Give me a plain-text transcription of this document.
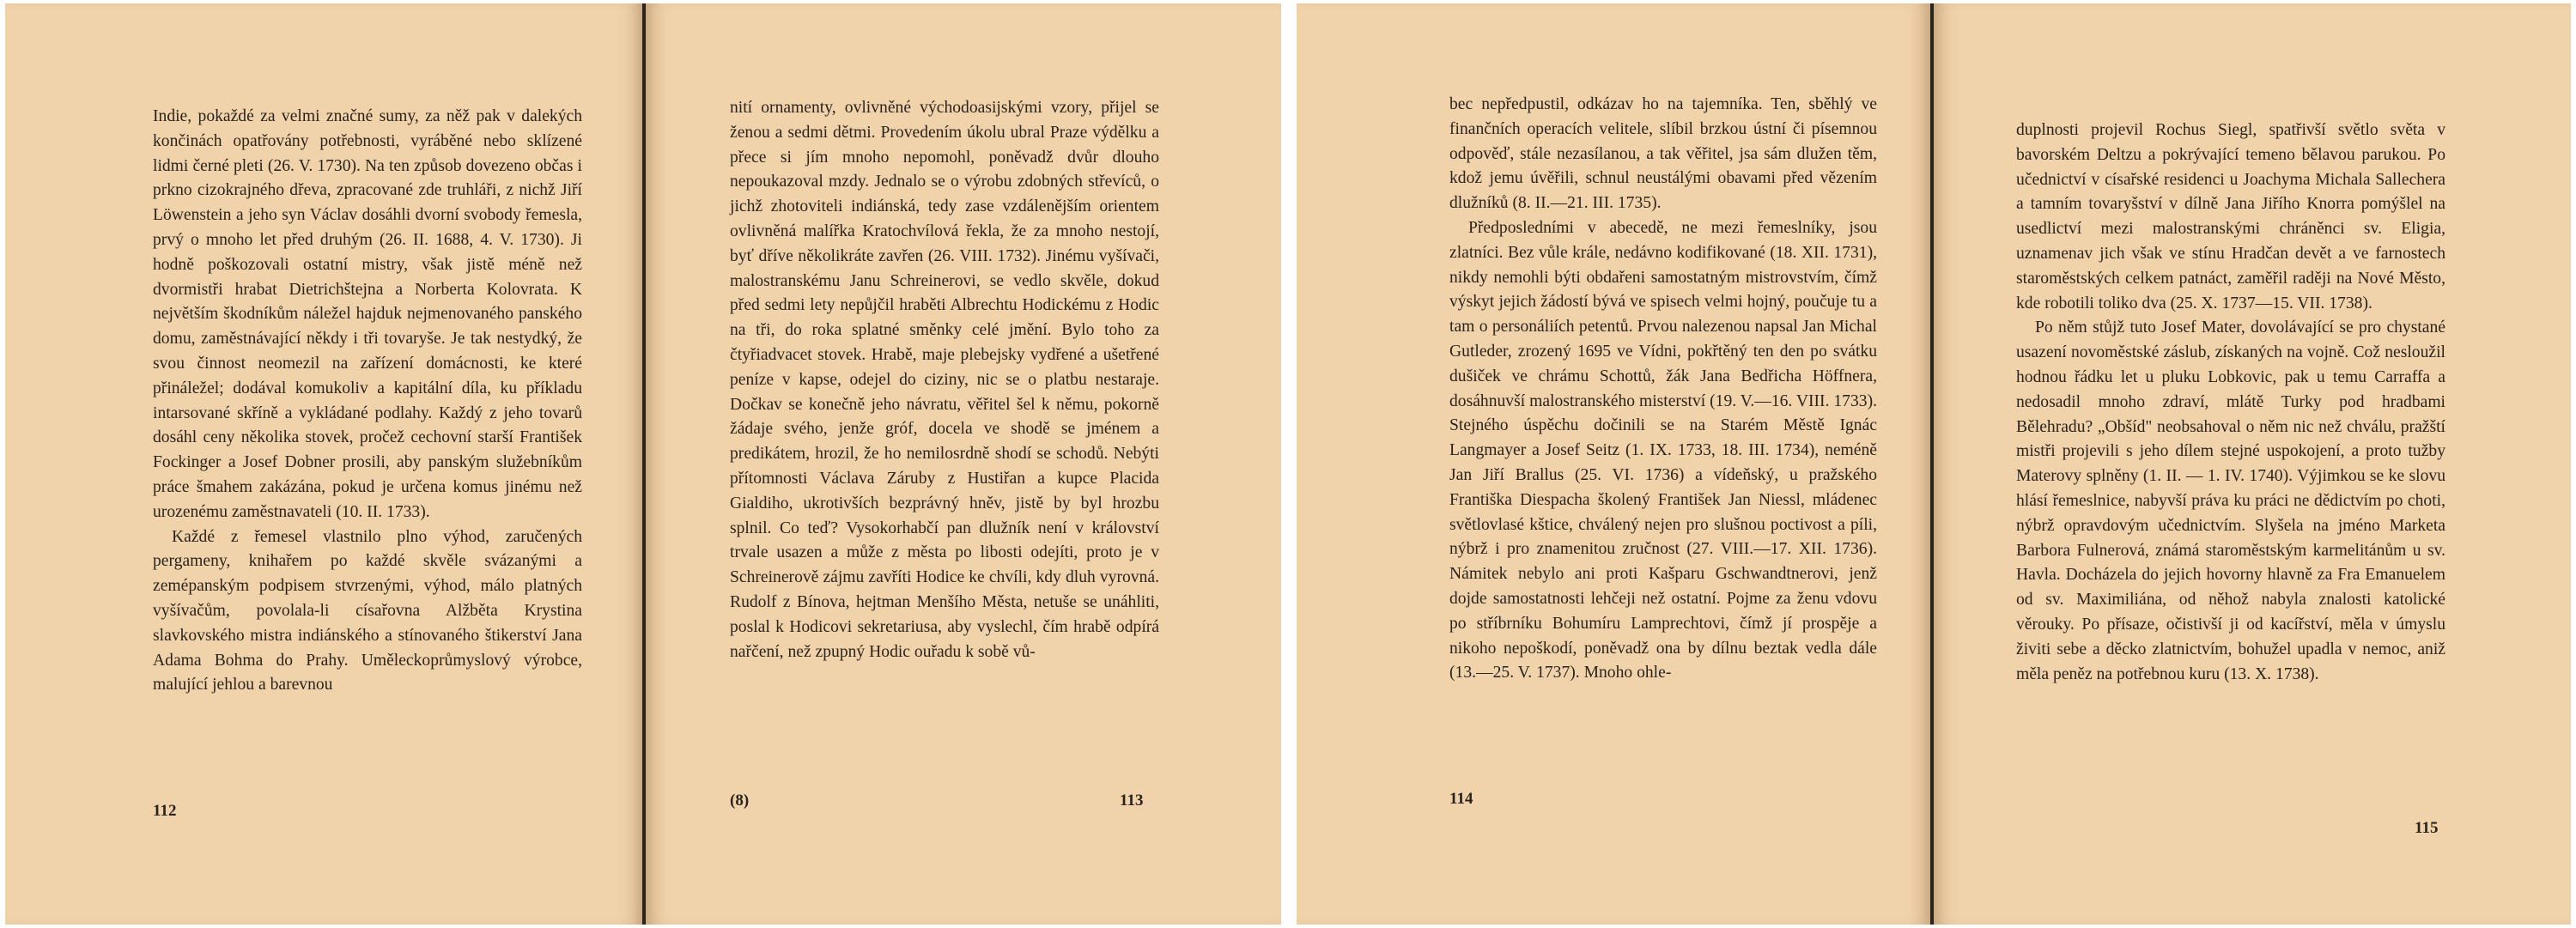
Indie, pokaždé za velmi značné sumy, za něž pak v dalekých končinách opatřovány potřebnosti, vyráběné nebo sklízené lidmi černé pleti (26. V. 1730). Na ten způsob dovezeno občas i prkno cizokrajného dřeva, zpracované zde truhláři, z nichž Jiří Löwenstein a jeho syn Václav dosáhli dvorní svobody řemesla, prvý o mnoho let před druhým (26. II. 1688, 4. V. 1730). Ji hodně poškozovali ostatní mistry, však jistě méně než dvormistři hrabat Dietrichštejna a Norberta Kolovrata. K největším škodníkům náležel hajduk nejmenovaného panského domu, zaměstnávající někdy i tři tovaryše. Je tak nestydký, že svou činnost neomezil na zařízení domácnosti, ke které přináležel; dodával komukoliv a kapitální díla, ku příkladu intarsované skříně a vykládané podlahy. Každý z jeho tovarů dosáhl ceny několika stovek, pročež cechovní starší František Fockinger a Josef Dobner prosili, aby panským služebníkům práce šmahem zakázána, pokud je určena komus jinému než urozenému zaměstnavateli (10. II. 1733).

Každé z řemesel vlastnilo plno výhod, zaručených pergameny, knihařem po každé skvěle svázanými a zemépanským podpisem stvrzenými, výhod, málo platných vyšívačům, povolala-li císařovna Alžběta Krystina slavkovského mistra indiánského a stínovaného štikerství Jana Adama Bohma do Prahy. Uměleckoprůmyslový výrobce, malující jehlou a barevnou

112

nití ornamenty, ovlivněné východoasijskými vzory, přijel se ženou a sedmi dětmi. Provedením úkolu ubral Praze výdělku a přece si jím mnoho nepomohl, poněvadž dvůr dlouho nepoukazoval mzdy. Jednalo se o výrobu zdobných střevíců, o jichž zhotoviteli indiánská, tedy zase vzdálenějším orientem ovlivněná malířka Kratochvílová řekla, že za mnoho nestojí, byť dříve několikráte zavřen (26. VIII. 1732). Jinému vyšívači, malostranskému Janu Schreinerovi, se vedlo skvěle, dokud před sedmi lety nepůjčil hraběti Albrechtu Hodickému z Hodic na tři, do roka splatné směnky celé jmění. Bylo toho za čtyřiadvacet stovek. Hrabě, maje plebejsky vydřené a ušetřené peníze v kapse, odejel do ciziny, nic se o platbu nestaraje. Dočkav se konečně jeho návratu, věřitel šel k němu, pokorně žádaje svého, jenže gróf, docela ve shodě se jménem a predikátem, hrozil, že ho nemilosrdně shodí se schodů. Nebýti přítomnosti Václava Záruby z Hustiřan a kupce Placida Gialdiho, ukrotivších bezprávný hněv, jistě by byl hrozbu splnil. Co teď? Vysokorhabčí pan dlužník není v království trvale usazen a může z města po libosti odejíti, proto je v Schreinerově zájmu zavříti Hodice ke chvíli, kdy dluh vyrovná. Rudolf z Bínova, hejtman Menšího Města, netuše se unáhliti, poslal k Hodicovi sekretariusa, aby vyslechl, čím hrabě odpírá nařčení, než zpupný Hodic ouřadu k sobě vů-

(8)	113

bec nepředpustil, odkázav ho na tajemníka. Ten, sběhlý ve finančních operacích velitele, slíbil brzkou ústní či písemnou odpověď, stále nezasílanou, a tak věřitel, jsa sám dlužen těm, kdož jemu úvěřili, schnul neustálými obavami před vězením dlužníků (8. II.—21. III. 1735).

Předposledními v abecedě, ne mezi řemeslníky, jsou zlatníci. Bez vůle krále, nedávno kodifikované (18. XII. 1731), nikdy nemohli býti obdařeni samostatným mistrovstvím, čímž výskyt jejich žádostí bývá ve spisech velmi hojný, poučuje tu a tam o personáliích petentů. Prvou nalezenou napsal Jan Michal Gutleder, zrozený 1695 ve Vídni, pokřtěný ten den po svátku dušiček ve chrámu Schottů, žák Jana Bedřicha Höffnera, dosáhnuvší malostranského misterství (19. V.—16. VIII. 1733). Stejného úspěchu dočinili se na Starém Městě Ignác Langmayer a Josef Seitz (1. IX. 1733, 18. III. 1734), neméně Jan Jiří Brallus (25. VI. 1736) a vídeňský, u pražského Františka Diespacha školený František Jan Niessl, mládenec světlovlasé kštice, chválený nejen pro slušnou poctivost a píli, nýbrž i pro znamenitou zručnost (27. VIII.—17. XII. 1736). Námitek nebylo ani proti Kašparu Gschwandtnerovi, jenž dojde samostatnosti lehčeji než ostatní. Pojme za ženu vdovu po stříbrníku Bohumíru Lamprechtovi, čímž jí prospěje a nikoho nepoškodí, poněvadž ona by dílnu beztak vedla dále (13.—25. V. 1737). Mnoho ohle-

114

duplnosti projevil Rochus Siegl, spatřivší světlo světa v bavorském Deltzu a pokrývající temeno bělavou parukou. Po učednictví v císařské residenci u Joachyma Michala Sallechera a tamním tovaryšství v dílně Jana Jiřího Knorra pomýšlel na usedlictví mezi malostranskými chráněnci sv. Eligia, uznamenav jich však ve stínu Hradčan devět a ve farnostech staroměstských celkem patnáct, zaměřil raději na Nové Město, kde robotili toliko dva (25. X. 1737—15. VII. 1738).

Po něm stůjž tuto Josef Mater, dovolávající se pro chystané usazení novoměstské záslub, získaných na vojně. Což nesloužil hodnou řádku let u pluku Lobkovic, pak u temu Carraffa a nedosadil mnoho zdraví, mlátě Turky pod hradbami Bělehradu? „Obšíd" neobsahoval o něm nic než chválu, pražští mistři projevili s jeho dílem stejné uspokojení, a proto tužby Materovy splněny (1. II. — 1. IV. 1740). Výjimkou se ke slovu hlásí řemeslnice, nabyvší práva ku práci ne dědictvím po choti, nýbrž opravdovým učednictvím. Slyšela na jméno Marketa Barbora Fulnerová, známá staroměstským karmelitánům u sv. Havla. Docházela do jejich hovorny hlavně za Fra Emanuelem od sv. Maximiliána, od něhož nabyla znalosti katolické věrouky. Po přísaze, očistivší ji od kacířství, měla v úmyslu živiti sebe a děcko zlatnictvím, bohužel upadla v nemoc, aniž měla peněz na potřebnou kuru (13. X. 1738).

115
